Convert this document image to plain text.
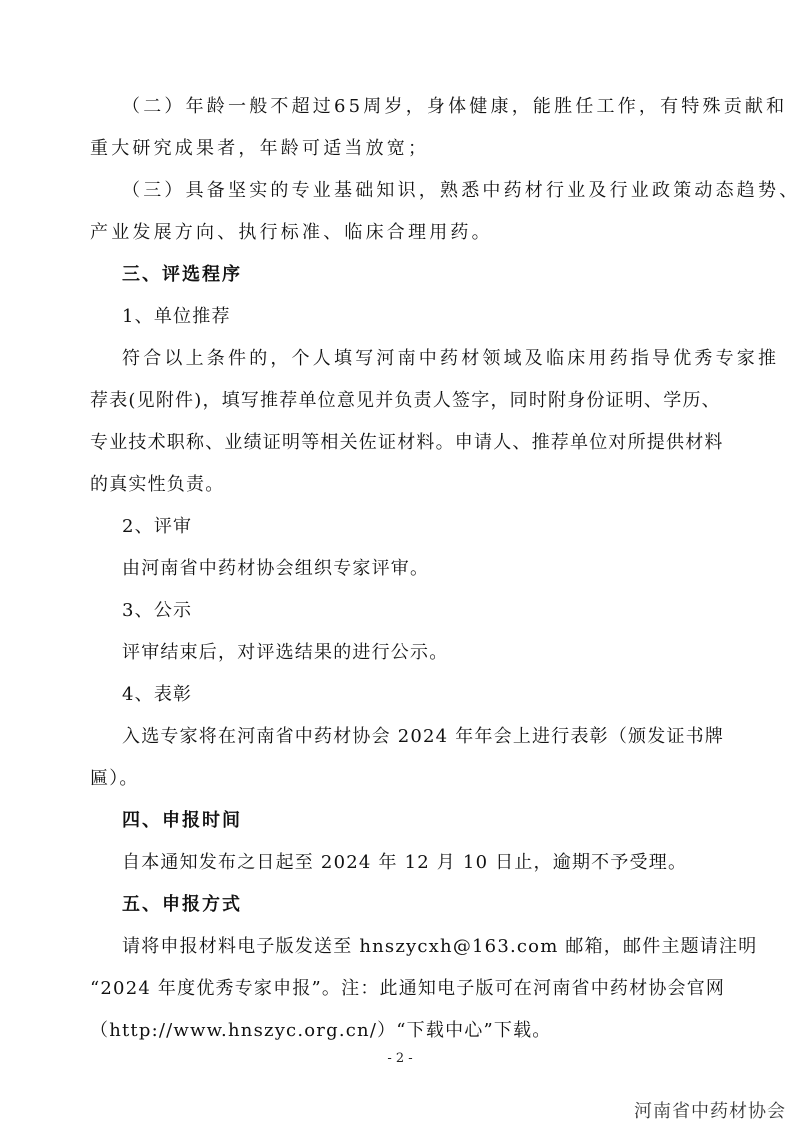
（二）年龄一般不超过65周岁，身体健康，能胜任工作，有特殊贡献和
重大研究成果者，年龄可适当放宽；
（三）具备坚实的专业基础知识，熟悉中药材行业及行业政策动态趋势、
产业发展方向、执行标准、临床合理用药。
三、评选程序
1、单位推荐
符合以上条件的，个人填写河南中药材领域及临床用药指导优秀专家推
荐表(见附件)，填写推荐单位意见并负责人签字，同时附身份证明、学历、
专业技术职称、业绩证明等相关佐证材料。申请人、推荐单位对所提供材料
的真实性负责。
2、评审
由河南省中药材协会组织专家评审。
3、公示
评审结束后，对评选结果的进行公示。
4、表彰
入选专家将在河南省中药材协会 2024 年年会上进行表彰（颁发证书牌
匾）。
四、申报时间
自本通知发布之日起至 2024 年 12 月 10 日止，逾期不予受理。
五、申报方式
请将申报材料电子版发送至 hnszycxh@163.com 邮箱，邮件主题请注明
“2024 年度优秀专家申报”。注：此通知电子版可在河南省中药材协会官网
（http://www.hnszyc.org.cn/）“下载中心”下载。
- 2 -
河南省中药材协会
